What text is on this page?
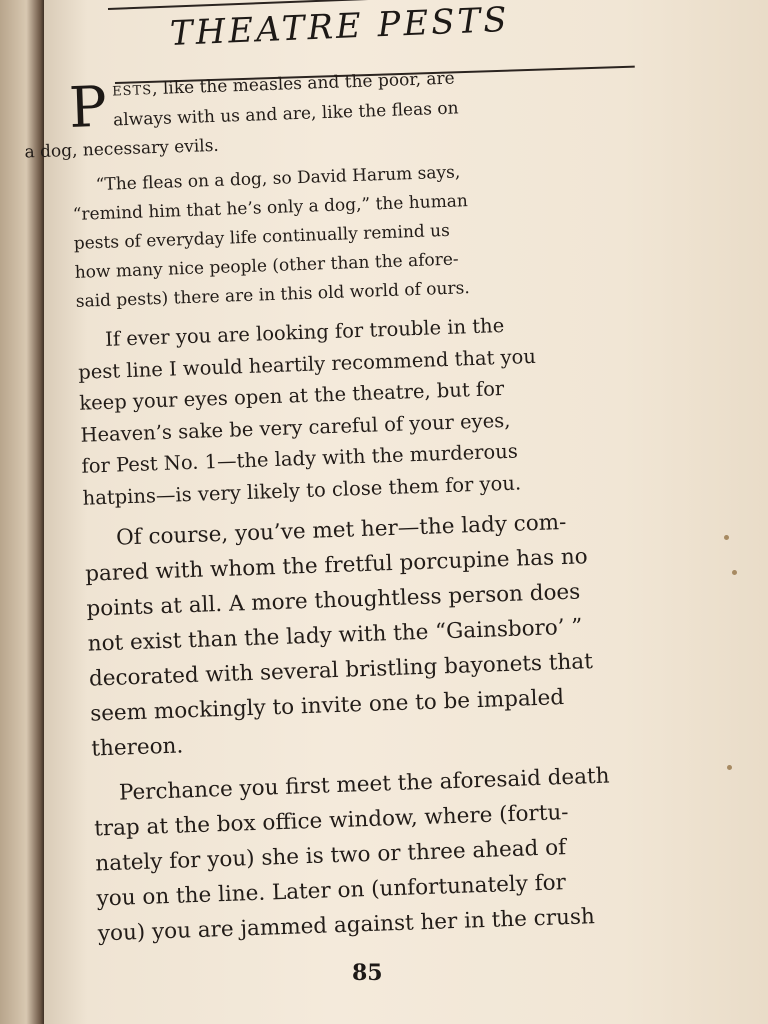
THEATRE PESTS
P ESTS, like the measles and the poor, are

always with us and are, like the fleas on

a dog, necessary evils.

“The fleas on a dog, so David Harum says,

“remind him that he’s only a dog,” the human

pests of everyday life continually remind us

how many nice people (other than the afore-

said pests) there are in this old world of ours.

If ever you are looking for trouble in the

pest line I would heartily recommend that you

keep your eyes open at the theatre, but for

Heaven’s sake be very careful of your eyes,

for Pest No. 1—the lady with the murderous

hatpins—is very likely to close them for you.

Of course, you’ve met her—the lady com-

pared with whom the fretful porcupine has no

points at all. A more thoughtless person does

not exist than the lady with the “Gainsboro’ ”

decorated with several bristling bayonets that

seem mockingly to invite one to be impaled

thereon.

Perchance you first meet the aforesaid death

trap at the box office window, where (fortu-

nately for you) she is two or three ahead of

you on the line. Later on (unfortunately for

you) you are jammed against her in the crush

85
